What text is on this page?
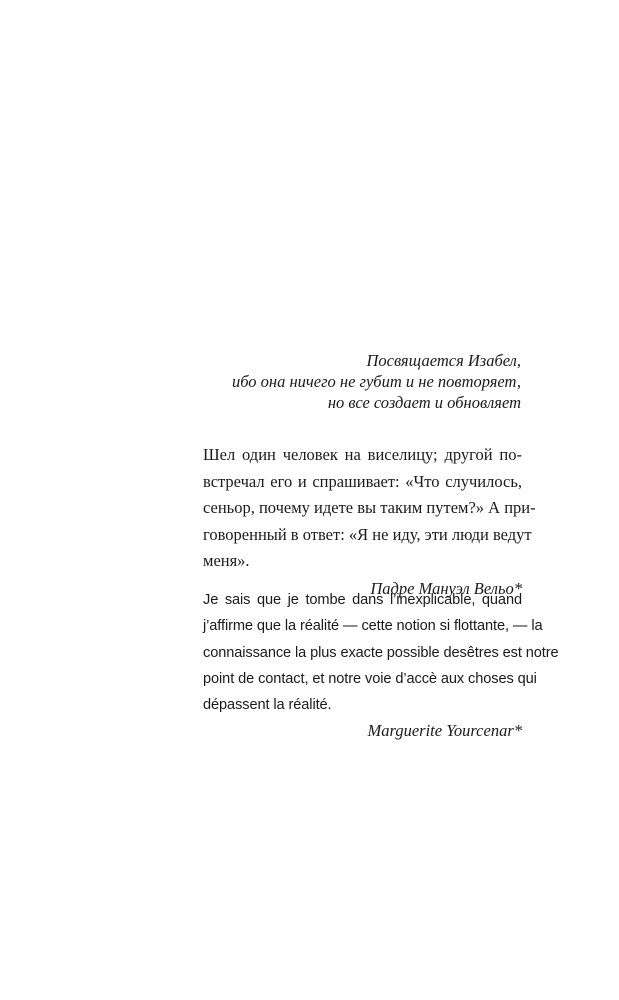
Посвящается Изабел,
ибо она ничего не губит и не повторяет,
но все создает и обновляет

Шел один человек на виселицу; другой по-
встречал его и спрашивает: «Что случилось,
сеньор, почему идете вы таким путем?» А при-
говоренный в ответ: «Я не иду, эти люди ведут
меня».

Падре Мануэл Вельо*

Je sais que je tombe dans l’inexplicable, quand
j’affirme que la réalité — cette notion si flottante, — la
connaissance la plus exacte possible desêtres est notre
point de contact, et notre voie d’accè aux choses qui
dépassent la réalité.

Marguerite Yourcenar*
